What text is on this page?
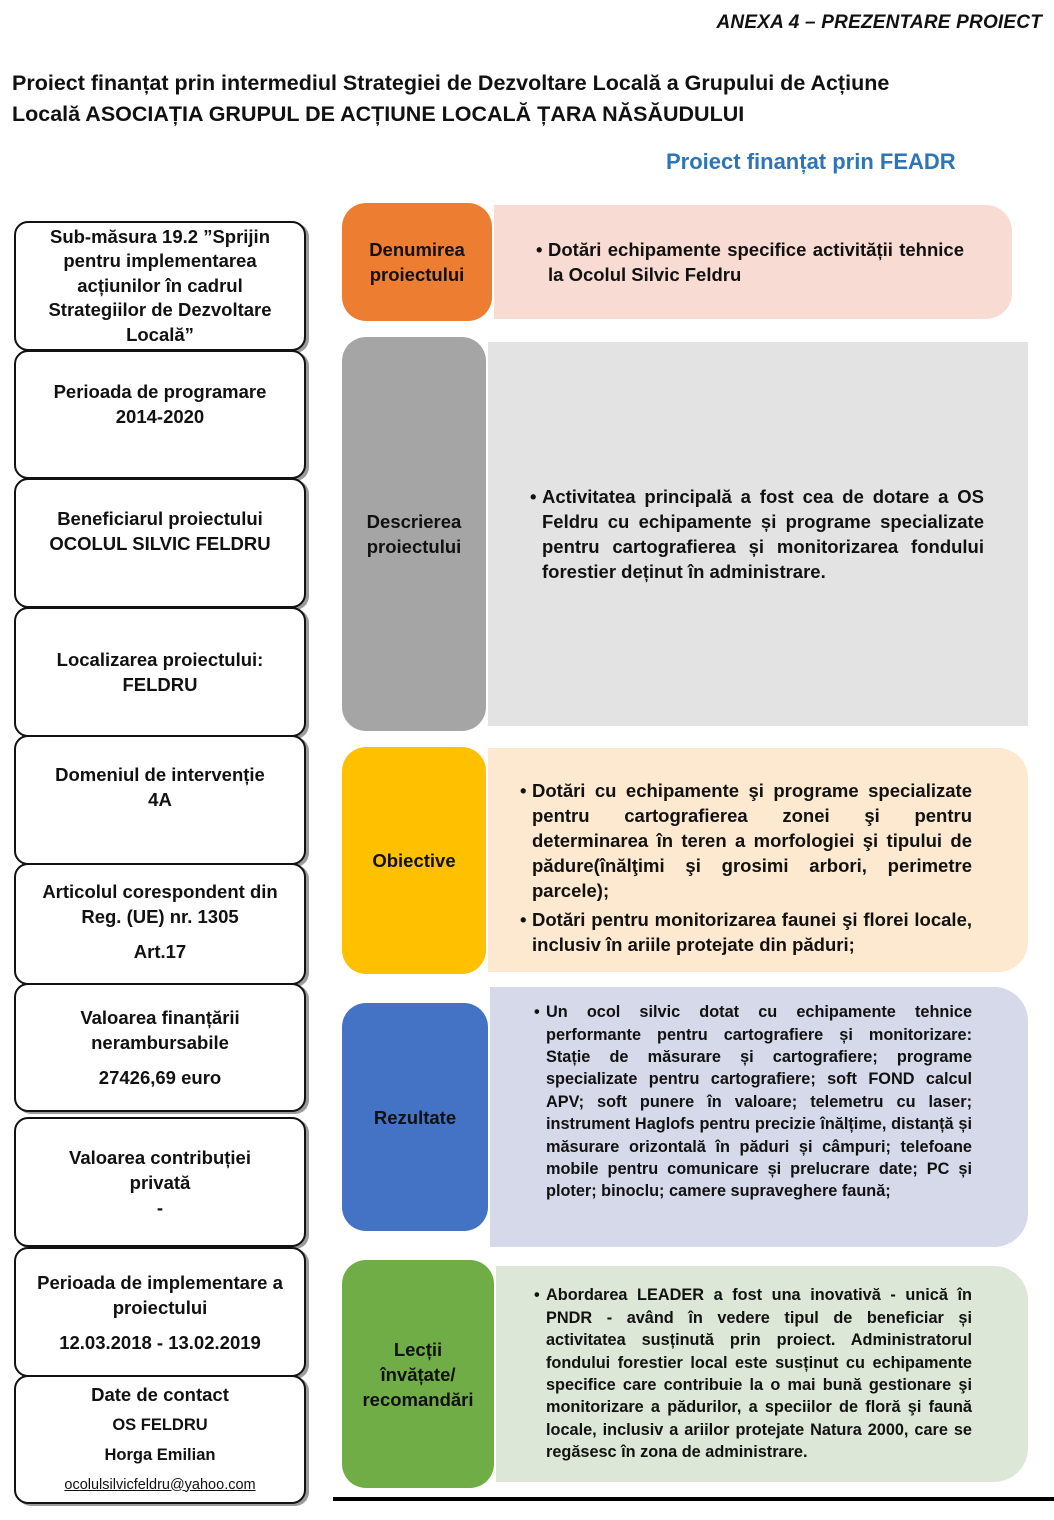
ANEXA 4 – PREZENTARE PROIECT
Proiect finanțat prin intermediul Strategiei de Dezvoltare Locală a Grupului de Acțiune
Locală ASOCIAȚIA GRUPUL DE ACȚIUNE LOCALĂ ȚARA NĂSĂUDULUI
Proiect finanțat prin FEADR
Sub-măsura 19.2 ”Sprijin
pentru implementarea
acțiunilor în cadrul
Strategiilor de Dezvoltare
Locală”
Perioada de programare
2014-2020
Beneficiarul proiectului
OCOLUL SILVIC FELDRU
Localizarea proiectului:
FELDRU
Domeniul de intervenție
4A
Articolul corespondent din
Reg. (UE) nr. 1305
Art.17
Valoarea finanțării
nerambursabile
27426,69 euro
Valoarea contribuției
privată
-
Perioada de implementare a
proiectului
12.03.2018 - 13.02.2019
Date de contact
OS FELDRU
Horga Emilian
ocolulsilvicfeldru@yahoo.com
Denumirea proiectului
• Dotări echipamente specifice activității tehnice la Ocolul Silvic Feldru
Descrierea proiectului
• Activitatea principală a fost cea de dotare a OS Feldru cu echipamente și programe specializate pentru cartografierea și monitorizarea fondului forestier deținut în administrare.
Obiective
• Dotări cu echipamente şi programe specializate pentru cartografierea zonei şi pentru determinarea în teren a morfologiei şi tipului de pădure(înălţimi şi grosimi arbori, perimetre parcele);
• Dotări pentru monitorizarea faunei şi florei locale, inclusiv în ariile protejate din păduri;
Rezultate
• Un ocol silvic dotat cu echipamente tehnice performante pentru cartografiere și monitorizare: Stație de măsurare și cartografiere; programe specializate pentru cartografiere; soft FOND calcul APV; soft punere în valoare; telemetru cu laser; instrument Haglofs pentru precizie înălțime, distanță și măsurare orizontală în păduri și câmpuri; telefoane mobile pentru comunicare și prelucrare date; PC și ploter; binoclu; camere supraveghere faună;
Lecții
învățate/
recomandări
• Abordarea LEADER a fost una inovativă - unică în PNDR - având în vedere tipul de beneficiar și activitatea susținută prin proiect. Administratorul fondului forestier local este susținut cu echipamente specifice care contribuie la o mai bună gestionare şi monitorizare a pădurilor, a speciilor de floră şi faună locale, inclusiv a ariilor protejate Natura 2000, care se regăsesc în zona de administrare.
